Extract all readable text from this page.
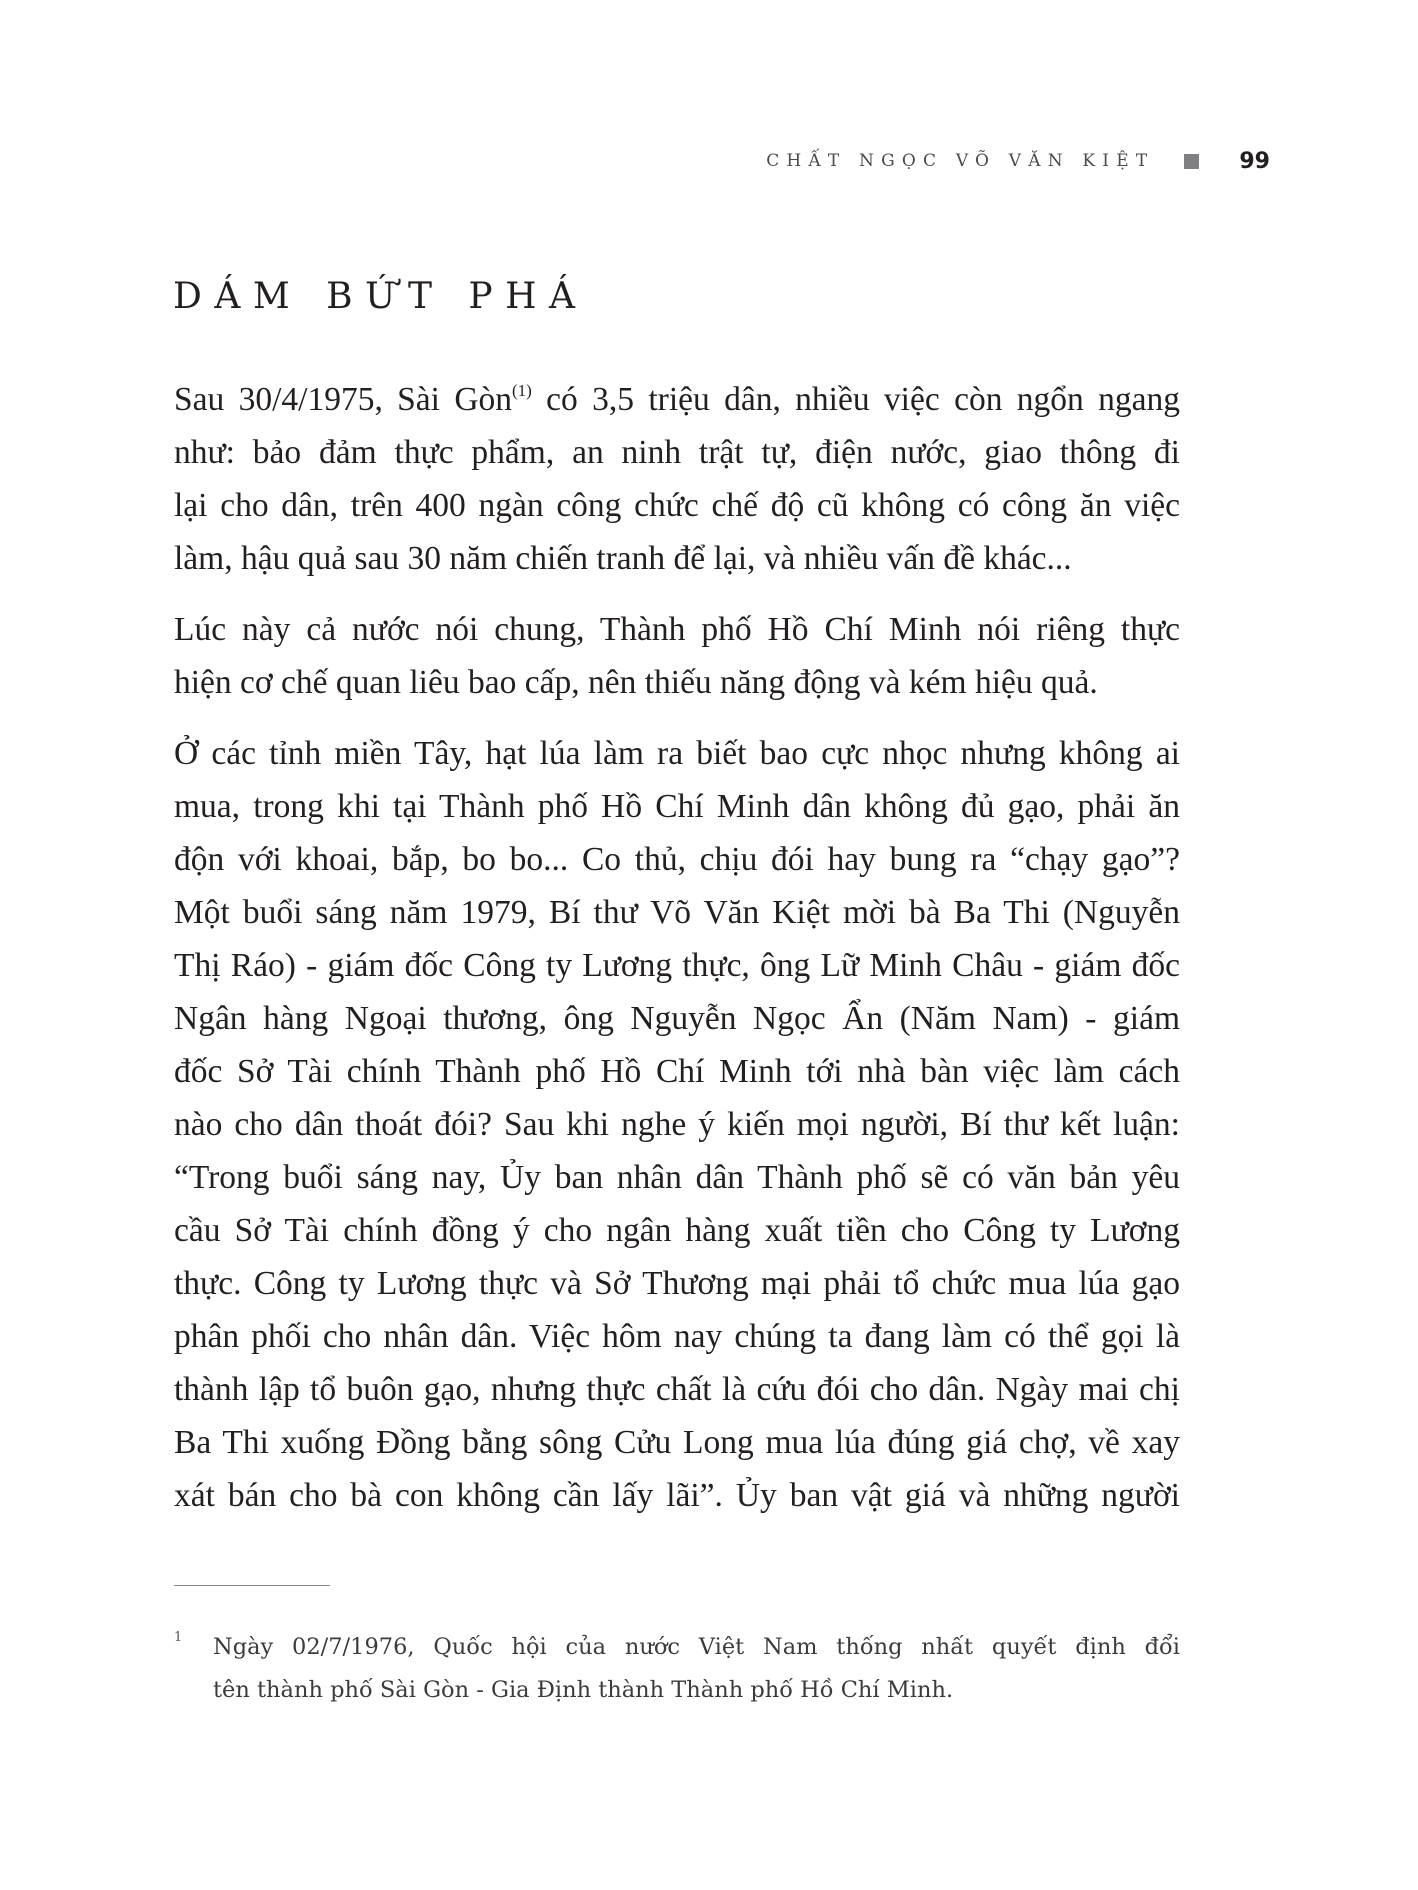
CHẤT NGỌC VÕ VĂN KIỆT	99
DÁM BỨT PHÁ
Sau 30/4/1975, Sài Gòn$^{(1)}$ có 3,5 triệu dân, nhiều việc còn ngổn ngang
như: bảo đảm thực phẩm, an ninh trật tự, điện nước, giao thông đi
lại cho dân, trên 400 ngàn công chức chế độ cũ không có công ăn việc
làm, hậu quả sau 30 năm chiến tranh để lại, và nhiều vấn đề khác...
Lúc này cả nước nói chung, Thành phố Hồ Chí Minh nói riêng thực
hiện cơ chế quan liêu bao cấp, nên thiếu năng động và kém hiệu quả.
Ở các tỉnh miền Tây, hạt lúa làm ra biết bao cực nhọc nhưng không ai
mua, trong khi tại Thành phố Hồ Chí Minh dân không đủ gạo, phải ăn
độn với khoai, bắp, bo bo... Co thủ, chịu đói hay bung ra “chạy gạo”?
Một buổi sáng năm 1979, Bí thư Võ Văn Kiệt mời bà Ba Thi (Nguyễn
Thị Ráo) - giám đốc Công ty Lương thực, ông Lữ Minh Châu - giám đốc
Ngân hàng Ngoại thương, ông Nguyễn Ngọc Ẩn (Năm Nam) - giám
đốc Sở Tài chính Thành phố Hồ Chí Minh tới nhà bàn việc làm cách
nào cho dân thoát đói? Sau khi nghe ý kiến mọi người, Bí thư kết luận:
“Trong buổi sáng nay, Ủy ban nhân dân Thành phố sẽ có văn bản yêu
cầu Sở Tài chính đồng ý cho ngân hàng xuất tiền cho Công ty Lương
thực. Công ty Lương thực và Sở Thương mại phải tổ chức mua lúa gạo
phân phối cho nhân dân. Việc hôm nay chúng ta đang làm có thể gọi là
thành lập tổ buôn gạo, nhưng thực chất là cứu đói cho dân. Ngày mai chị
Ba Thi xuống Đồng bằng sông Cửu Long mua lúa đúng giá chợ, về xay
xát bán cho bà con không cần lấy lãi”. Ủy ban vật giá và những người
1 Ngày 02/7/1976, Quốc hội của nước Việt Nam thống nhất quyết định đổi
tên thành phố Sài Gòn - Gia Định thành Thành phố Hồ Chí Minh.
